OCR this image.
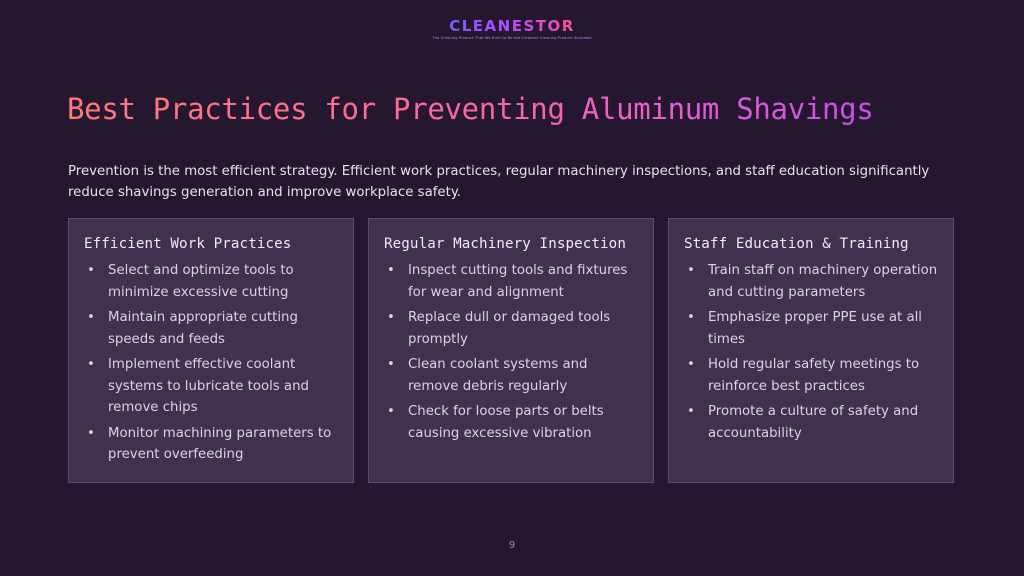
CLEANESTOR
The Cleaning Product That We Built to Be the Cleanest Cleaning Product Available
Best Practices for Preventing Aluminum Shavings

Prevention is the most efficient strategy. Efficient work practices, regular machinery inspections, and staff education significantly reduce shavings generation and improve workplace safety.

Efficient Work Practices
• Select and optimize tools to minimize excessive cutting
• Maintain appropriate cutting speeds and feeds
• Implement effective coolant systems to lubricate tools and remove chips
• Monitor machining parameters to prevent overfeeding
Regular Machinery Inspection
• Inspect cutting tools and fixtures for wear and alignment
• Replace dull or damaged tools promptly
• Clean coolant systems and remove debris regularly
• Check for loose parts or belts causing excessive vibration
Staff Education & Training
• Train staff on machinery operation and cutting parameters
• Emphasize proper PPE use at all times
• Hold regular safety meetings to reinforce best practices
• Promote a culture of safety and accountability
9
